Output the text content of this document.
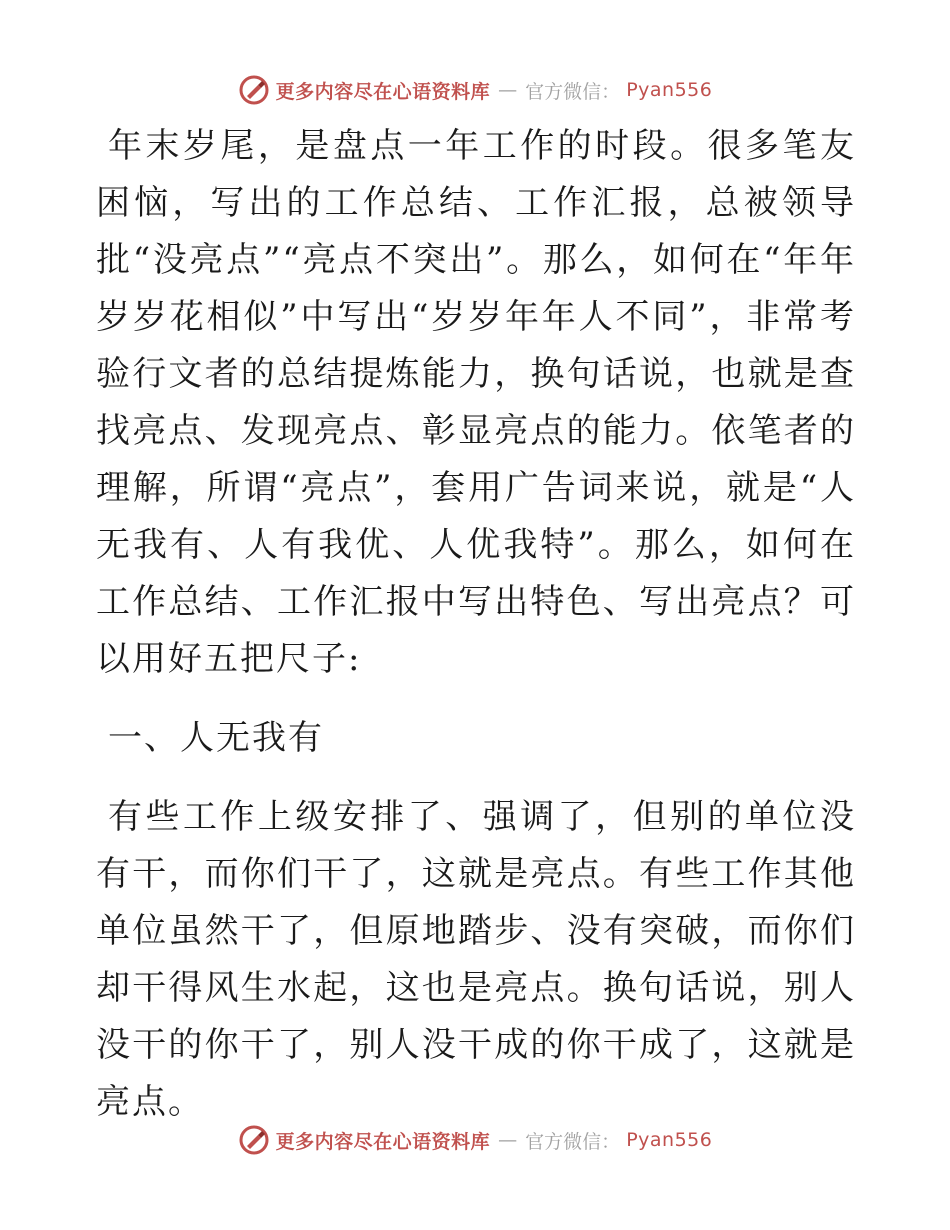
更多内容尽在心语资料库 — 官方微信： Pyan556

年末岁尾，是盘点一年工作的时段。很多笔友困恼，写出的工作总结、工作汇报，总被领导批“没亮点”“亮点不突出”。那么，如何在“年年岁岁花相似”中写出“岁岁年年人不同”，非常考验行文者的总结提炼能力，换句话说，也就是查找亮点、发现亮点、彰显亮点的能力。依笔者的理解，所谓“亮点”，套用广告词来说，就是“人无我有、人有我优、人优我特”。那么，如何在工作总结、工作汇报中写出特色、写出亮点？可以用好五把尺子:

一、人无我有

有些工作上级安排了、强调了，但别的单位没有干，而你们干了，这就是亮点。有些工作其他单位虽然干了，但原地踏步、没有突破，而你们却干得风生水起，这也是亮点。换句话说，别人没干的你干了，别人没干成的你干成了，这就是亮点。

更多内容尽在心语资料库 — 官方微信： Pyan556
